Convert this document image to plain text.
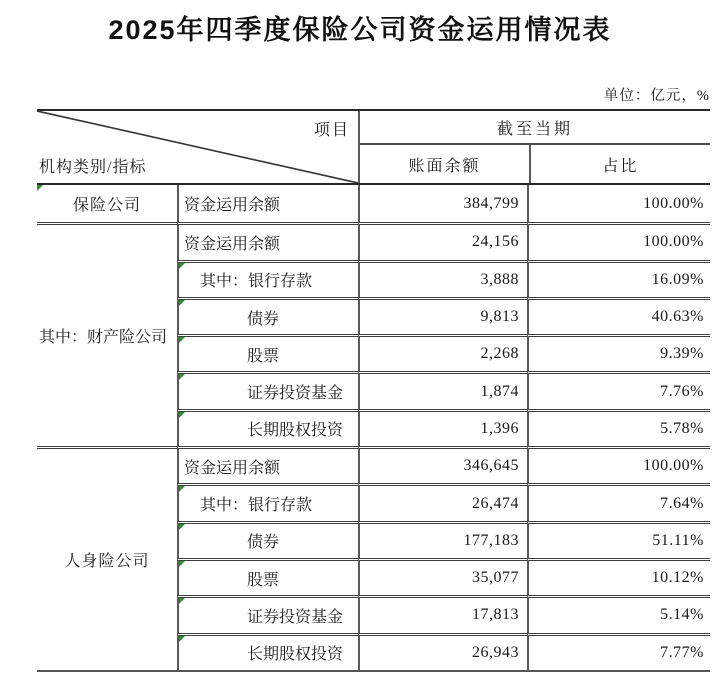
2025年四季度保险公司资金运用情况表
单位：亿元，%
项目
机构类别/指标
截至当期
账面余额	占比
保险公司	资金运用余额	384,799	100.00%
其中：财产险公司
资金运用余额	24,156	100.00%
其中：银行存款	3,888	16.09%
债券	9,813	40.63%
股票	2,268	9.39%
证券投资基金	1,874	7.76%
长期股权投资	1,396	5.78%
人身险公司
资金运用余额	346,645	100.00%
其中：银行存款	26,474	7.64%
债券	177,183	51.11%
股票	35,077	10.12%
证券投资基金	17,813	5.14%
长期股权投资	26,943	7.77%
